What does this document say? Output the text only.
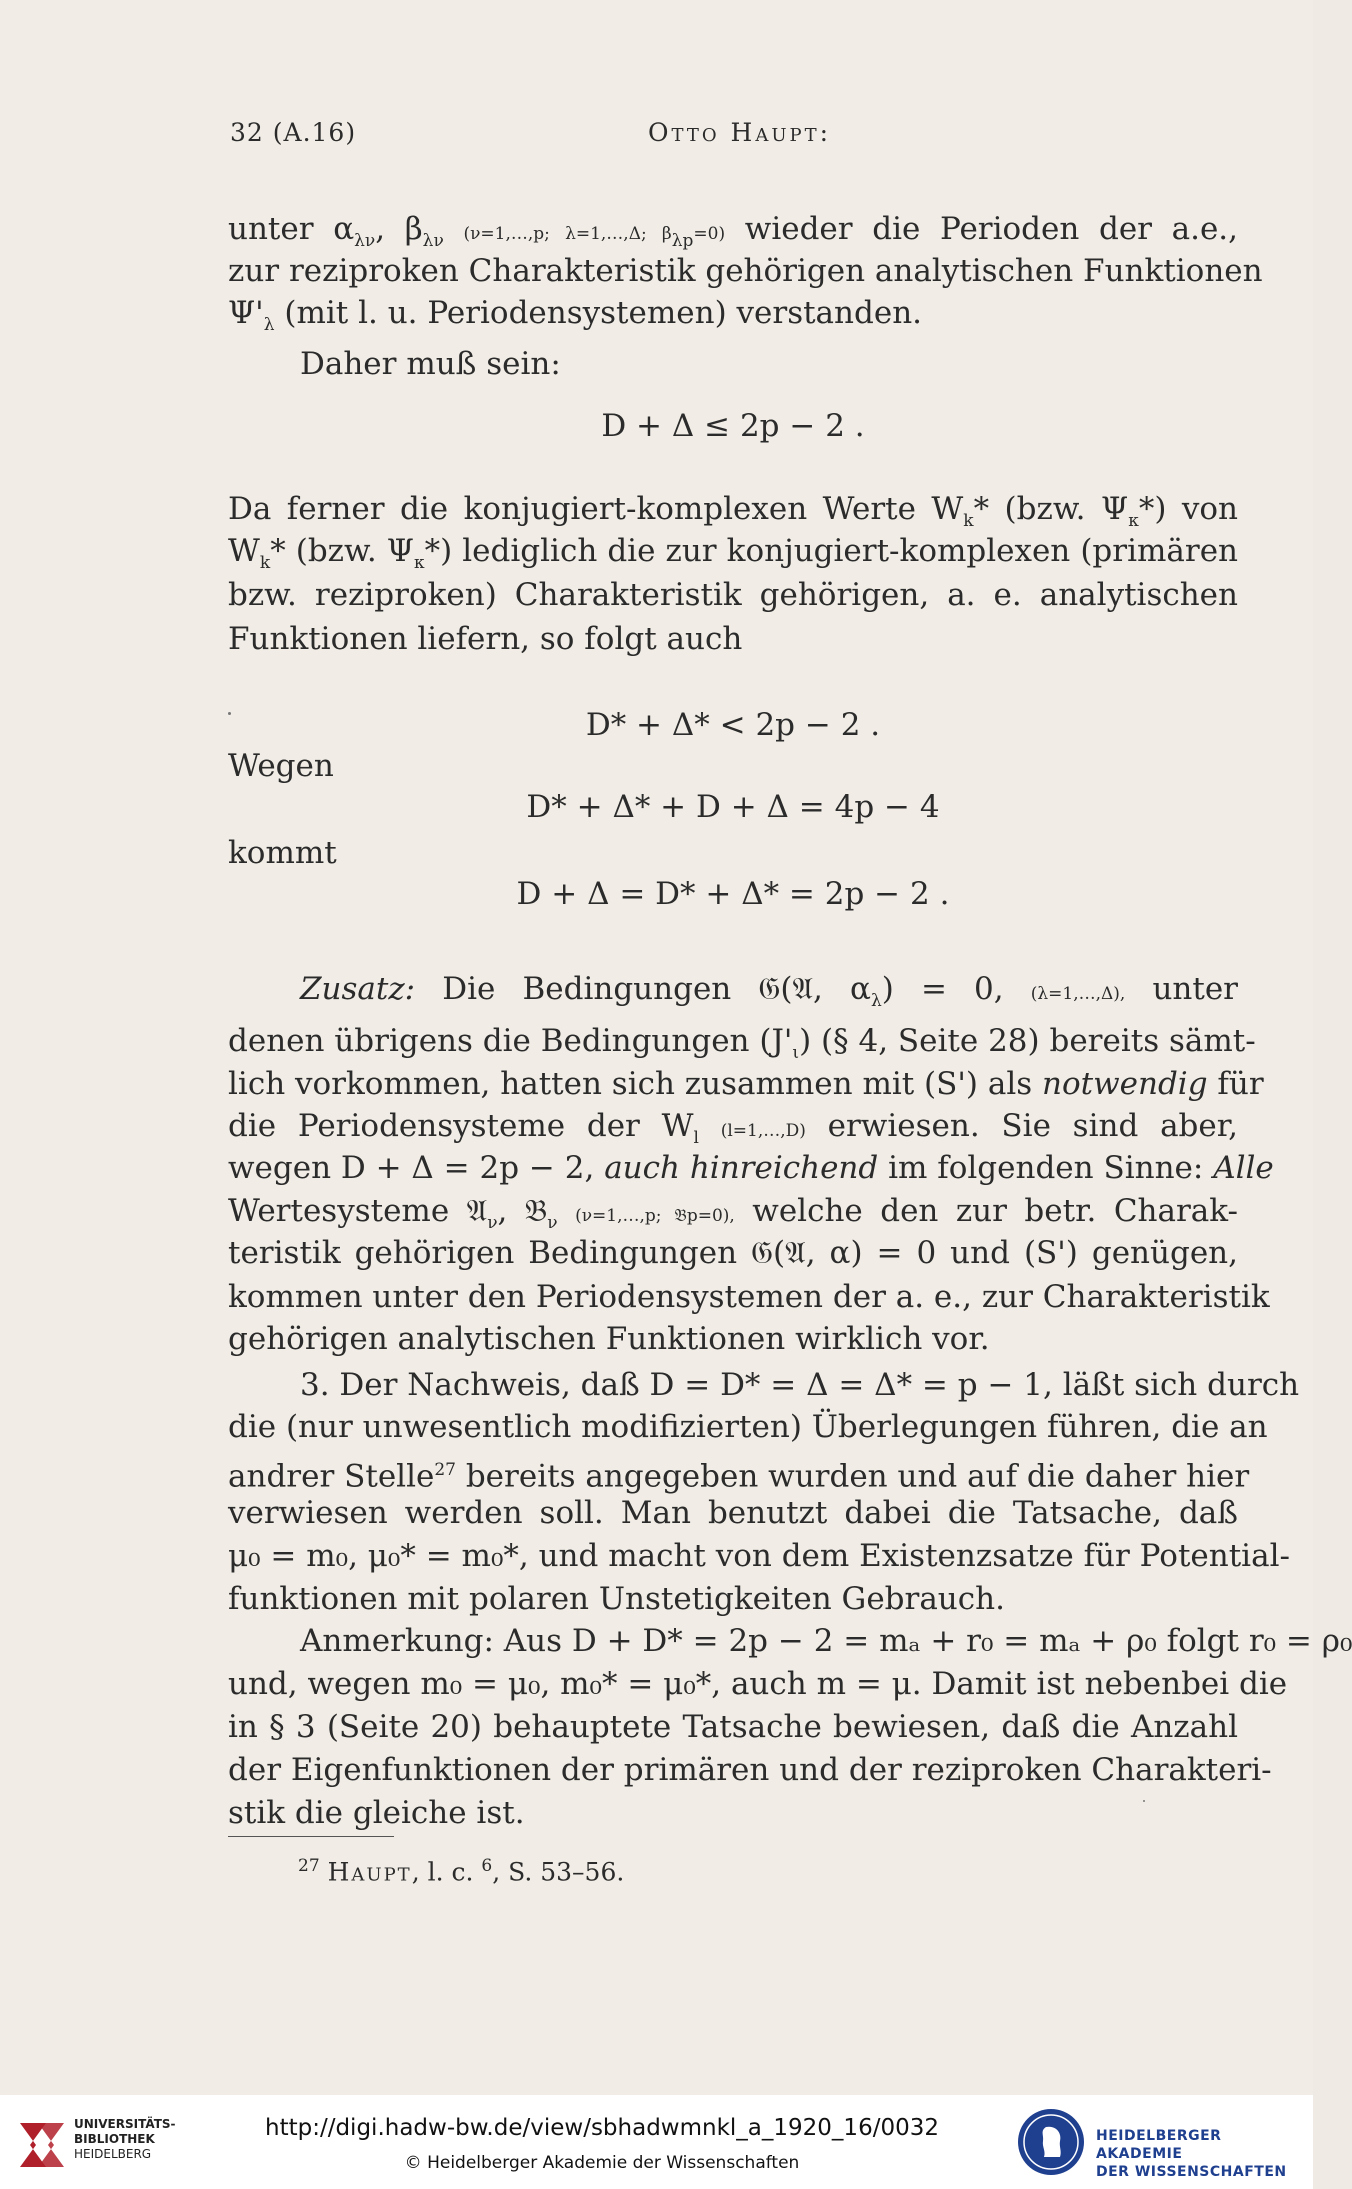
32 (A.16)	Otto Haupt:
unter $\alpha_{\lambda\nu}$, $\beta_{\lambda\nu}$ (ν=1,…,p; λ=1,…,Δ; $\beta_{\lambda p}=0$) wieder die Perioden der a.e.,
zur reziproken Charakteristik gehörigen analytischen Funktionen
$\Psi'_\lambda$ (mit l. u. Periodensystemen) verstanden.
Daher muß sein:
D + Δ ≤ 2p − 2 .
Da ferner die konjugiert-komplexen Werte $W_k*$ (bzw. $\Psi_\kappa*$) von
$W_k*$ (bzw. $\Psi_\kappa*$) lediglich die zur konjugiert-komplexen (primären
bzw. reziproken) Charakteristik gehörigen, a. e. analytischen
Funktionen liefern, so folgt auch
D* + Δ* < 2p − 2 .
Wegen
D* + Δ* + D + Δ = 4p − 4
kommt
D + Δ = D* + Δ* = 2p − 2 .
Zusatz: Die Bedingungen 𝔊(𝔄, $\alpha_\lambda) = 0$, (λ=1,…,Δ), unter
denen übrigens die Bedingungen $(J'_\iota)$ (§ 4, Seite 28) bereits sämt-
lich vorkommen, hatten sich zusammen mit (S') als notwendig für
die Periodensysteme der $W_l$ (l=1,…,D) erwiesen. Sie sind aber,
wegen D + Δ = 2p − 2, auch hinreichend im folgenden Sinne: Alle
Wertesysteme 𝔄$_\nu$, 𝔅$_\nu$ (ν=1,…,p; 𝔅p=0), welche den zur betr. Charak-
teristik gehörigen Bedingungen 𝔊(𝔄, α) = 0 und (S') genügen,
kommen unter den Periodensystemen der a. e., zur Charakteristik
gehörigen analytischen Funktionen wirklich vor.
3. Der Nachweis, daß D = D* = Δ = Δ* = p − 1, läßt sich durch
die (nur unwesentlich modifizierten) Überlegungen führen, die an
andrer Stelle$^{27}$ bereits angegeben wurden und auf die daher hier
verwiesen werden soll. Man benutzt dabei die Tatsache, daß
μ₀ = m₀, μ₀* = m₀*, und macht von dem Existenzsatze für Potential-
funktionen mit polaren Unstetigkeiten Gebrauch.
Anmerkung: Aus D + D* = 2p − 2 = mₐ + r₀ = mₐ + ρ₀ folgt r₀ = ρ₀
und, wegen m₀ = μ₀, m₀* = μ₀*, auch m = μ. Damit ist nebenbei die
in § 3 (Seite 20) behauptete Tatsache bewiesen, daß die Anzahl
der Eigenfunktionen der primären und der reziproken Charakteri-
stik die gleiche ist.
$^{27}$ Haupt, l. c. $^6$, S. 53–56.
UNIVERSITÄTS-
BIBLIOTHEK
HEIDELBERG
http://digi.hadw-bw.de/view/sbhadwmnkl_a_1920_16/0032
© Heidelberger Akademie der Wissenschaften
HEIDELBERGER AKADEMIE
DER WISSENSCHAFTEN
